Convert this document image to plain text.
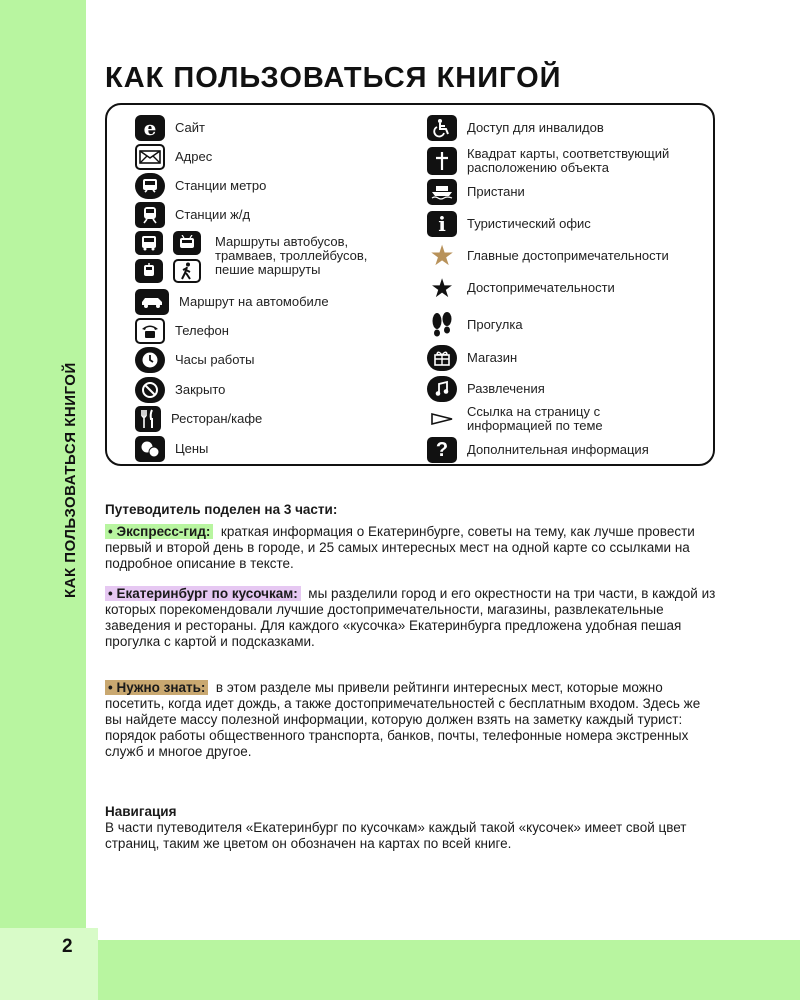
2
КАК ПОЛЬЗОВАТЬСЯ КНИГОЙ
КАК ПОЛЬЗОВАТЬСЯ КНИГОЙ
e	Сайт
Адрес
Станции метро
Станции ж/д
Маршруты автобусов, трамваев, троллейбусов, пешие маршруты
Маршрут на автомобиле
Телефон
Часы работы
Закрыто
Ресторан/кафе
Цены
Доступ для инвалидов
Квадрат карты, соответствующий расположению объекта
Пристани
i	Туристический офис
★ Главные достопримечательности
★ Достопримечательности
Прогулка
Магазин
Развлечения
Ссылка на страницу с информацией по теме
?	Дополнительная информация

Путеводитель поделен на 3 части:

• Экспресс-гид: краткая информация о Екатеринбурге, советы на тему, как лучше провести первый и второй день в городе, и 25 самых интересных мест на одной карте со ссылками на подробное описание в тексте.

• Екатеринбург по кусочкам: мы разделили город и его окрестности на три части, в каждой из которых порекомендовали лучшие достопримечательности, магазины, развлекательные заведения и рестораны. Для каждого «кусочка» Екатеринбурга предложена удобная пешая прогулка с картой и подсказками.

• Нужно знать: в этом разделе мы привели рейтинги интересных мест, которые можно посетить, когда идет дождь, а также достопримечательностей с бесплатным входом. Здесь же вы найдете массу полезной информации, которую должен взять на заметку каждый турист: порядок работы общественного транспорта, банков, почты, телефонные номера экстренных служб и многое другое.

Навигация

В части путеводителя «Екатеринбург по кусочкам» каждый такой «кусочек» имеет свой цвет страниц, таким же цветом он обозначен на картах по всей книге.
